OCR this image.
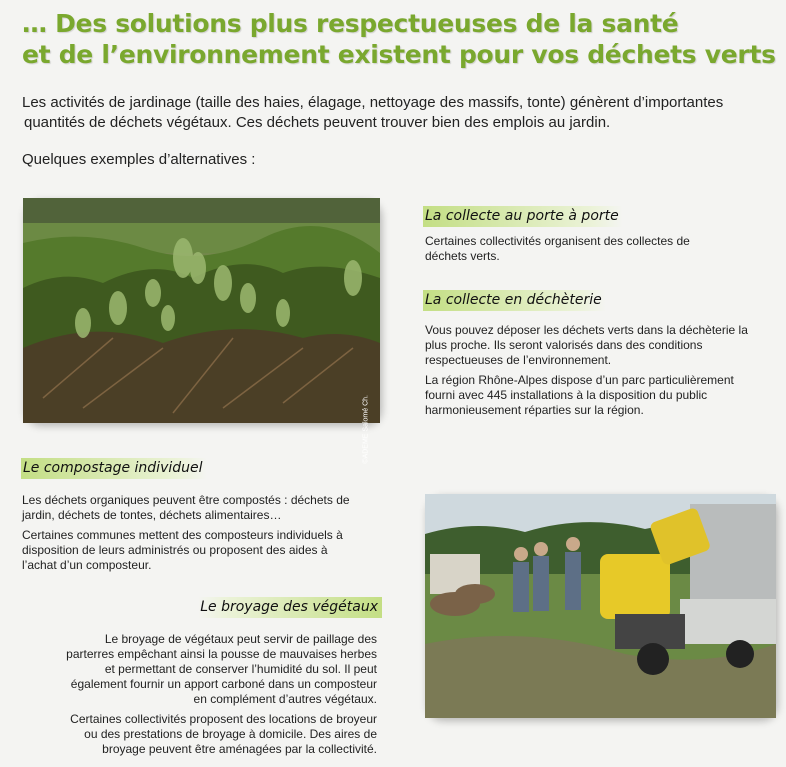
… Des solutions plus respectueuses de la santé
et de l’environnement existent pour vos déchets verts

Les activités de jardinage (taille des haies, élagage, nettoyage des massifs, tonte) génèrent d’importantes

quantités de déchets végétaux. Ces déchets peuvent trouver bien des emplois au jardin.

Quelques exemples d’alternatives :
©ADEME Salomé Ch.
La collecte au porte à porte

Certaines collectivités organisent des collectes de déchets verts.

La collecte en déchèterie

Vous pouvez déposer les déchets verts dans la déchèterie la plus proche. Ils seront valorisés dans des conditions respectueuses de l’environnement.

La région Rhône-Alpes dispose d’un parc particulièrement fourni avec 445 installations à la disposition du public harmonieusement réparties sur la région.

Le compostage individuel

Les déchets organiques peuvent être compostés : déchets de jardin, déchets de tontes, déchets alimentaires…

Certaines communes mettent des composteurs individuels à disposition de leurs administrés ou proposent des aides à l’achat d’un composteur.

Le broyage des végétaux

Le broyage de végétaux peut servir de paillage des parterres empêchant ainsi la pousse de mauvaises herbes et permettant de conserver l’humidité du sol. Il peut également fournir un apport carboné dans un composteur en complément d’autres végétaux.

Certaines collectivités proposent des locations de broyeur ou des prestations de broyage à domicile. Des aires de broyage peuvent être aménagées par la collectivité.
